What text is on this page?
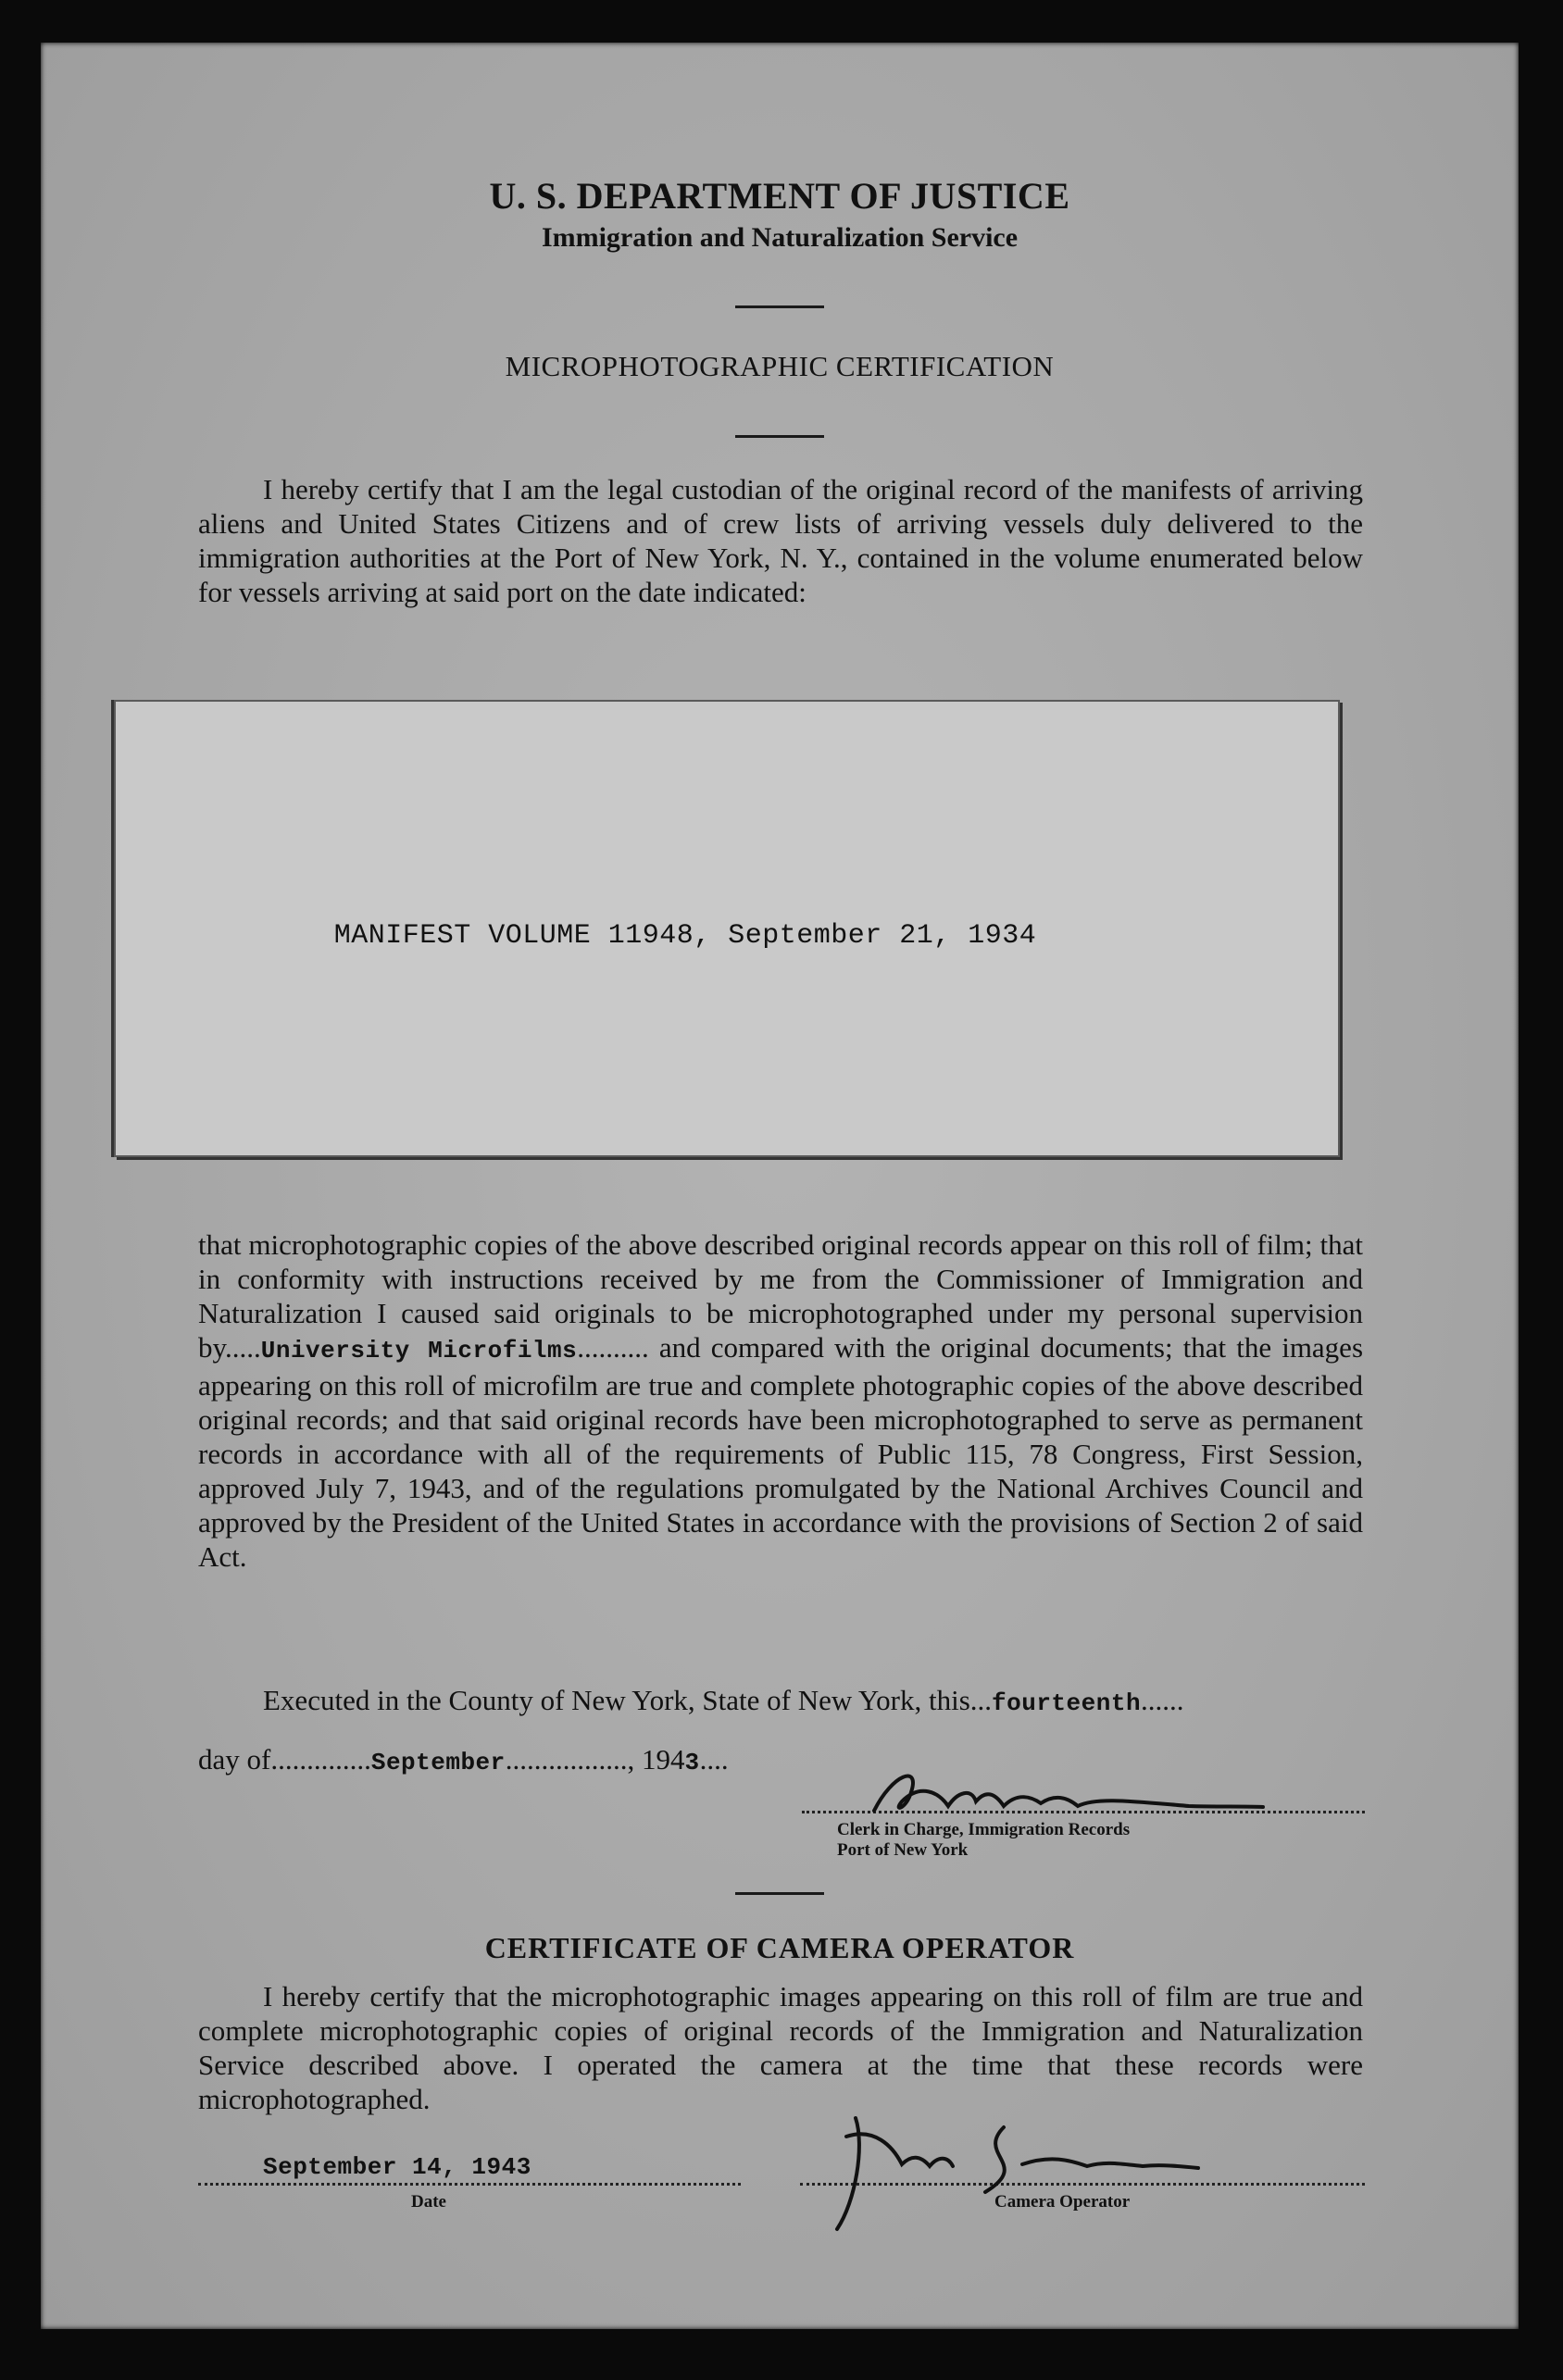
U. S. DEPARTMENT OF JUSTICE
Immigration and Naturalization Service
MICROPHOTOGRAPHIC CERTIFICATION

I hereby certify that I am the legal custodian of the original record of the manifests of arriving aliens and United States Citizens and of crew lists of arriving vessels duly delivered to the immigration authorities at the Port of New York, N. Y., contained in the volume enumerated below for vessels arriving at said port on the date indicated:

MANIFEST VOLUME 11948, September 21, 1934

that microphotographic copies of the above described original records appear on this roll of film; that in conformity with instructions received by me from the Commissioner of Immigration and Naturalization I caused said originals to be microphotographed under my personal supervision by.....University Microfilms.......... and compared with the original documents; that the images appearing on this roll of microfilm are true and complete photographic copies of the above described original records; and that said original records have been microphotographed to serve as permanent records in accordance with all of the requirements of Public 115, 78 Congress, First Session, approved July 7, 1943, and of the regulations promulgated by the National Archives Council and approved by the President of the United States in accordance with the provisions of Section 2 of said Act.

Executed in the County of New York, State of New York, this...fourteenth......
day of..............September................., 1943....
Clerk in Charge, Immigration Records
Port of New York
CERTIFICATE OF CAMERA OPERATOR

I hereby certify that the microphotographic images appearing on this roll of film are true and complete microphotographic copies of original records of the Immigration and Naturalization Service described above. I operated the camera at the time that these records were microphotographed.

September 14, 1943
Date	Camera Operator
